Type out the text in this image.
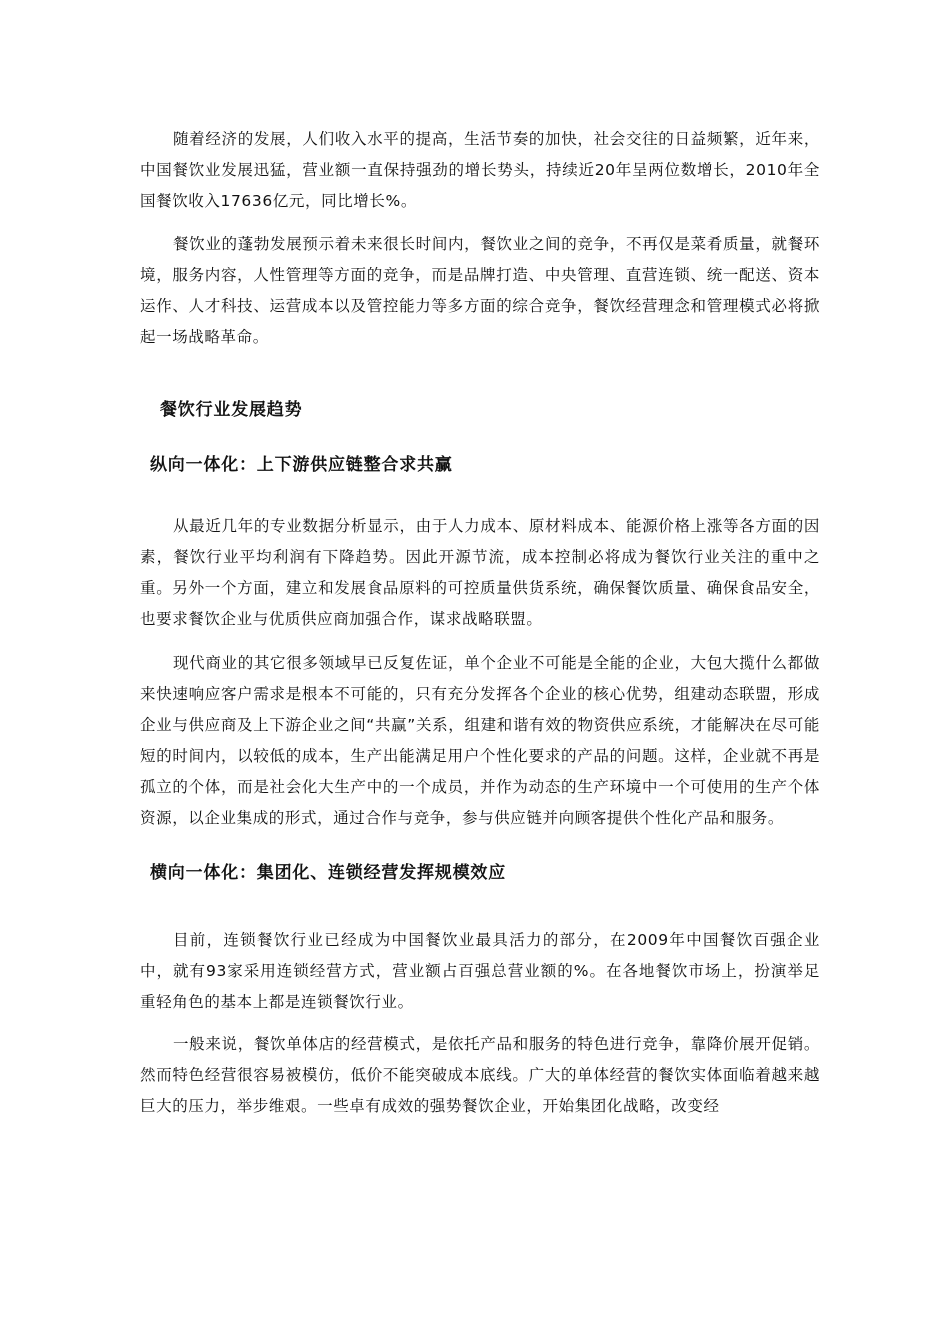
随着经济的发展，人们收入水平的提高，生活节奏的加快，社会交往的日益频繁，近年来，中国餐饮业发展迅猛，营业额一直保持强劲的增长势头，持续近20年呈两位数增长，2010年全国餐饮收入17636亿元，同比增长%。

餐饮业的蓬勃发展预示着未来很长时间内，餐饮业之间的竞争，不再仅是菜肴质量，就餐环境，服务内容，人性管理等方面的竞争，而是品牌打造、中央管理、直营连锁、统一配送、资本运作、人才科技、运营成本以及管控能力等多方面的综合竞争，餐饮经营理念和管理模式必将掀起一场战略革命。

餐饮行业发展趋势
纵向一体化：上下游供应链整合求共赢

从最近几年的专业数据分析显示，由于人力成本、原材料成本、能源价格上涨等各方面的因素，餐饮行业平均利润有下降趋势。因此开源节流，成本控制必将成为餐饮行业关注的重中之重。另外一个方面，建立和发展食品原料的可控质量供货系统，确保餐饮质量、确保食品安全，也要求餐饮企业与优质供应商加强合作，谋求战略联盟。

现代商业的其它很多领域早已反复佐证，单个企业不可能是全能的企业，大包大揽什么都做来快速响应客户需求是根本不可能的，只有充分发挥各个企业的核心优势，组建动态联盟，形成企业与供应商及上下游企业之间“共赢”关系，组建和谐有效的物资供应系统，才能解决在尽可能短的时间内，以较低的成本，生产出能满足用户个性化要求的产品的问题。这样，企业就不再是孤立的个体，而是社会化大生产中的一个成员，并作为动态的生产环境中一个可使用的生产个体资源，以企业集成的形式，通过合作与竞争，参与供应链并向顾客提供个性化产品和服务。

横向一体化：集团化、连锁经营发挥规模效应

目前，连锁餐饮行业已经成为中国餐饮业最具活力的部分，在2009年中国餐饮百强企业中，就有93家采用连锁经营方式，营业额占百强总营业额的%。在各地餐饮市场上，扮演举足重轻角色的基本上都是连锁餐饮行业。

一般来说，餐饮单体店的经营模式，是依托产品和服务的特色进行竞争，靠降价展开促销。然而特色经营很容易被模仿，低价不能突破成本底线。广大的单体经营的餐饮实体面临着越来越巨大的压力，举步维艰。一些卓有成效的强势餐饮企业，开始集团化战略，改变经
